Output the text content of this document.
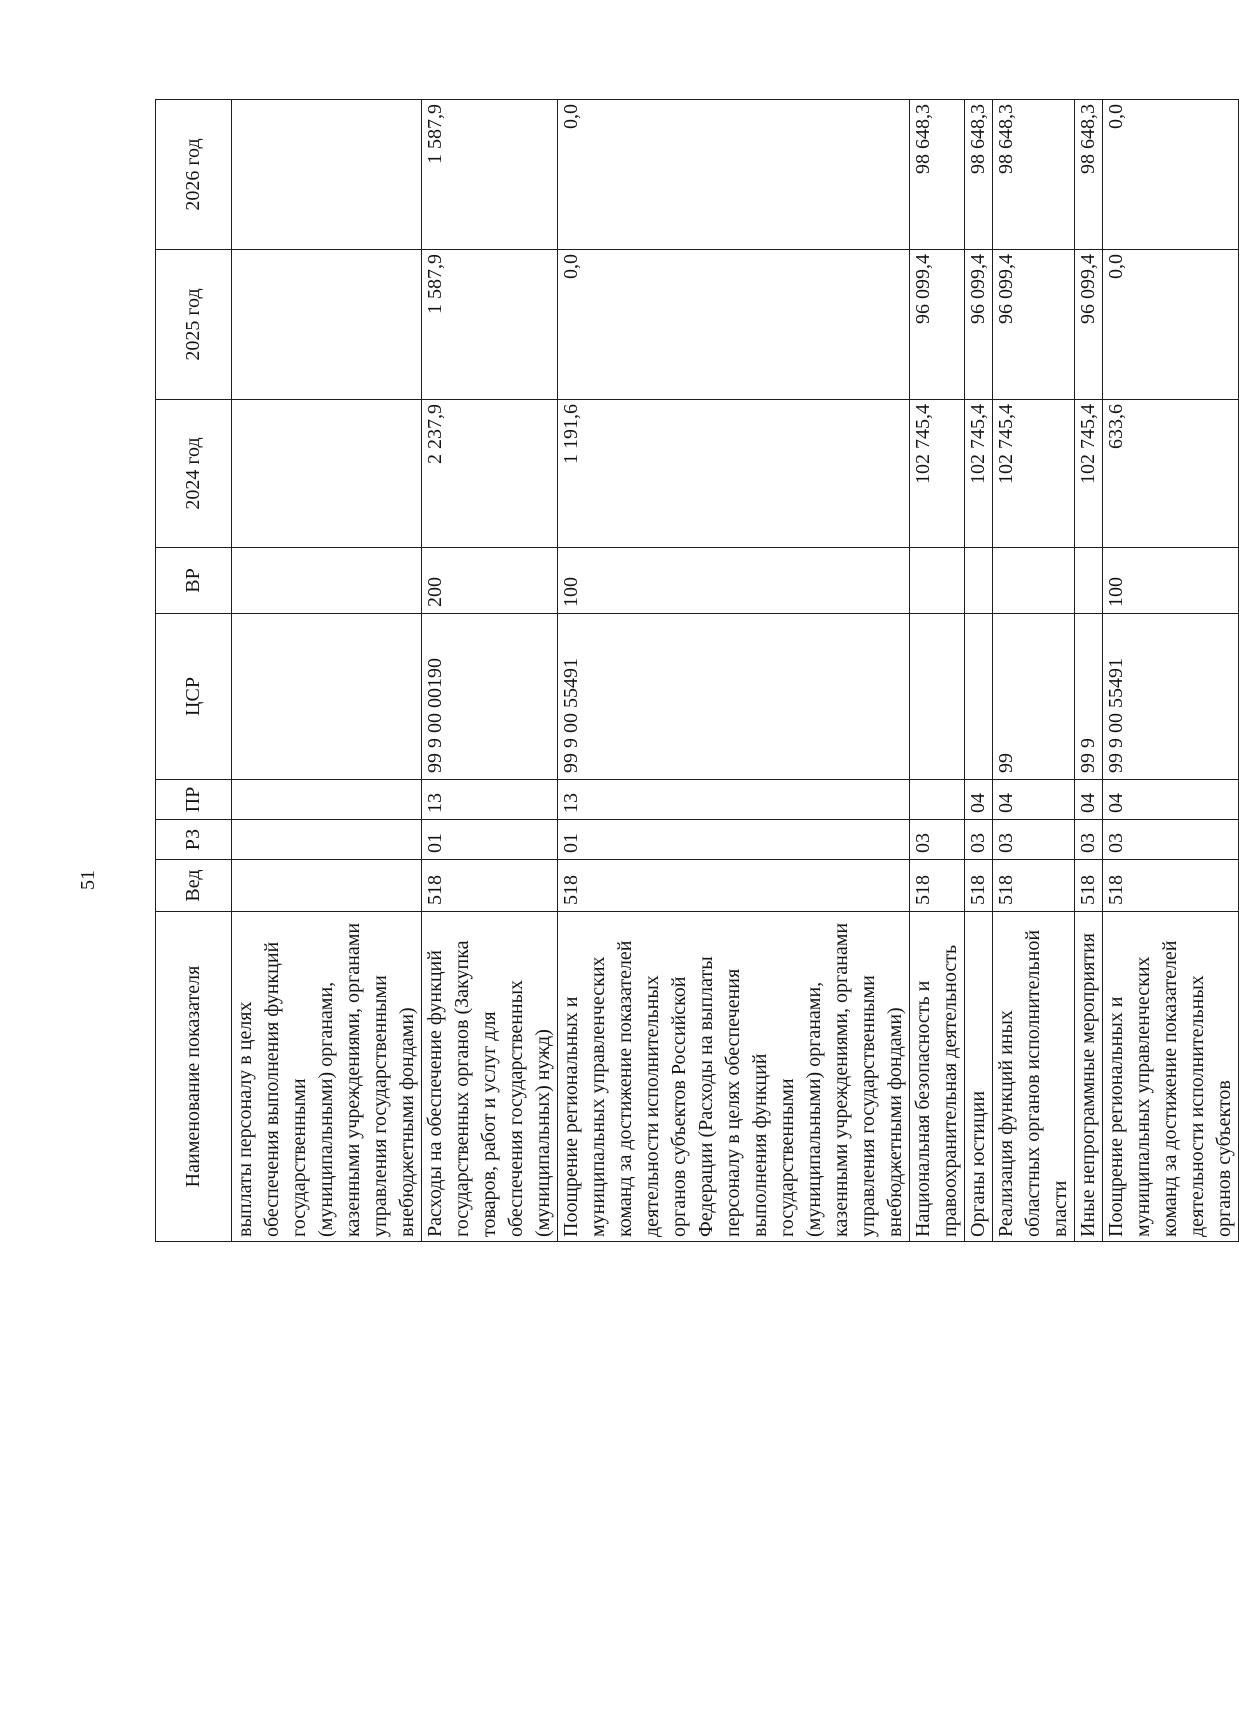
51
Наименование показателя	Вед	РЗ	ПР	ЦСР	ВР	2024 год	2025 год	2026 год
выплаты персоналу в целях обеспечения выполнения функций государственными (муниципальными) органами, казенными учреждениями, органами управления государственными внебюджетными фондами)								
Расходы на обеспечение функций государственных органов (Закупка товаров, работ и услуг для обеспечения государственных (муниципальных) нужд)	518	01	13	99 9 00 00190	200	2 237,9	1 587,9	1 587,9
Поощрение региональных и муниципальных управленческих команд за достижение показателей деятельности исполнительных органов субъектов Российской Федерации (Расходы на выплаты персоналу в целях обеспечения выполнения функций государственными (муниципальными) органами, казенными учреждениями, органами управления государственными внебюджетными фондами)	518	01	13	99 9 00 55491	100	1 191,6	0,0	0,0
Национальная безопасность и правоохранительная деятельность	518	03				102 745,4	96 099,4	98 648,3
Органы юстиции	518	03	04			102 745,4	96 099,4	98 648,3
Реализация функций иных областных органов исполнительной власти	518	03	04	99		102 745,4	96 099,4	98 648,3
Иные непрограммные мероприятия	518	03	04	99 9		102 745,4	96 099,4	98 648,3
Поощрение региональных и муниципальных управленческих команд за достижение показателей деятельности исполнительных органов субъектов	518	03	04	99 9 00 55491	100	633,6	0,0	0,0
